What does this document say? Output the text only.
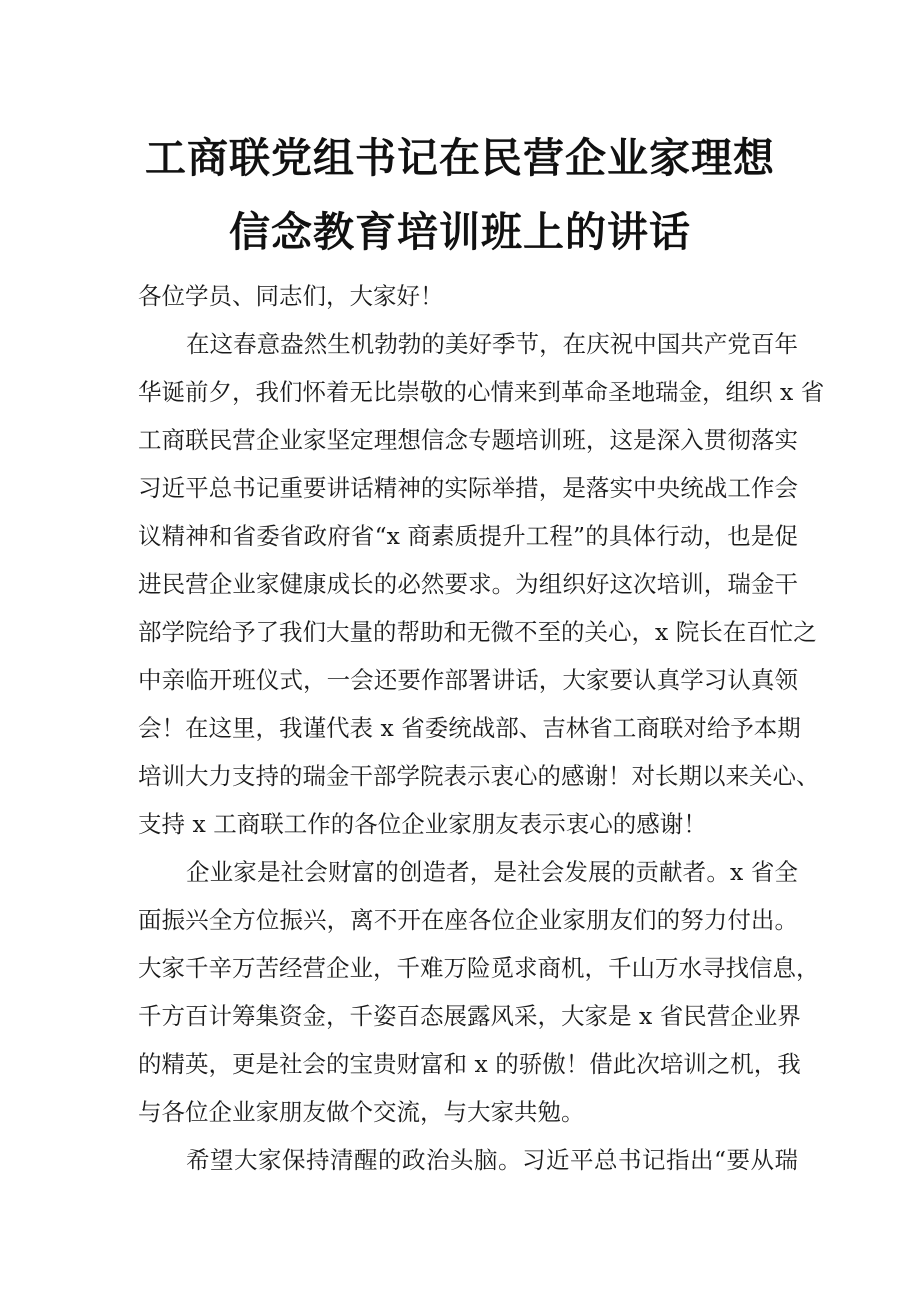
工商联党组书记在民营企业家理想
信念教育培训班上的讲话
各位学员、同志们，大家好！
在这春意盎然生机勃勃的美好季节，在庆祝中国共产党百年
华诞前夕，我们怀着无比崇敬的心情来到革命圣地瑞金，组织 x 省
工商联民营企业家坚定理想信念专题培训班，这是深入贯彻落实
习近平总书记重要讲话精神的实际举措，是落实中央统战工作会
议精神和省委省政府省“x 商素质提升工程”的具体行动，也是促
进民营企业家健康成长的必然要求。为组织好这次培训，瑞金干
部学院给予了我们大量的帮助和无微不至的关心，x 院长在百忙之
中亲临开班仪式，一会还要作部署讲话，大家要认真学习认真领
会！在这里，我谨代表 x 省委统战部、吉林省工商联对给予本期
培训大力支持的瑞金干部学院表示衷心的感谢！对长期以来关心、
支持 x 工商联工作的各位企业家朋友表示衷心的感谢！
企业家是社会财富的创造者，是社会发展的贡献者。x 省全
面振兴全方位振兴，离不开在座各位企业家朋友们的努力付出。
大家千辛万苦经营企业，千难万险觅求商机，千山万水寻找信息，
千方百计筹集资金，千姿百态展露风采，大家是 x 省民营企业界
的精英，更是社会的宝贵财富和 x 的骄傲！借此次培训之机，我
与各位企业家朋友做个交流，与大家共勉。
希望大家保持清醒的政治头脑。习近平总书记指出“要从瑞
